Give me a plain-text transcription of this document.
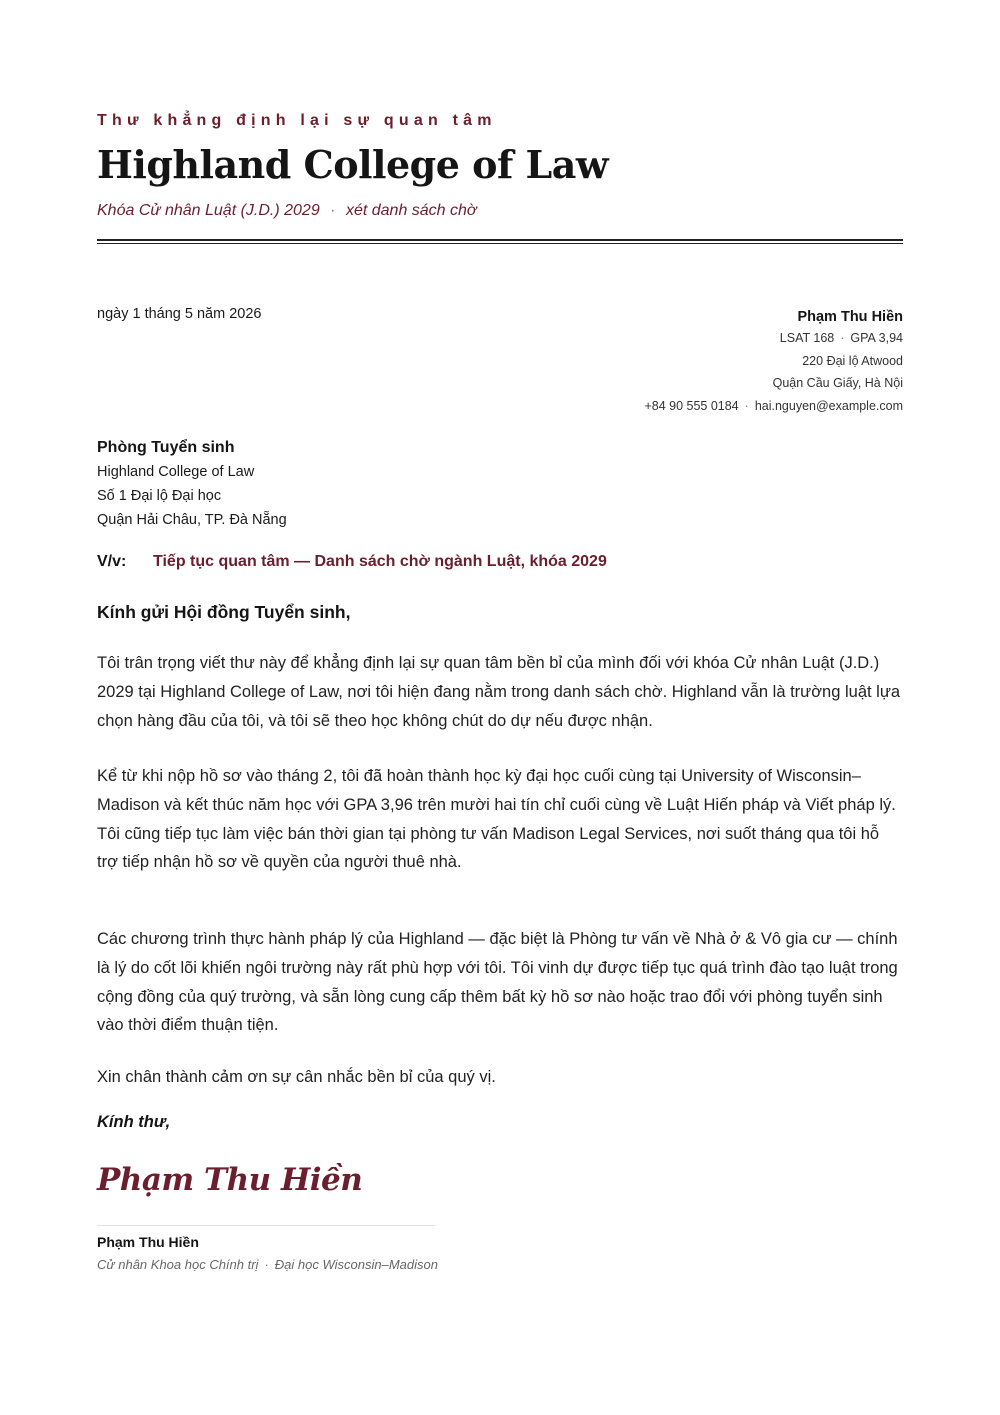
Thư khẳng định lại sự quan tâm
Highland College of Law
Khóa Cử nhân Luật (J.D.) 2029 · xét danh sách chờ
ngày 1 tháng 5 năm 2026	Phạm Thu Hiền
LSAT 168 · GPA 3,94
220 Đại lộ Atwood
Quận Cầu Giấy, Hà Nội
+84 90 555 0184 · hai.nguyen@example.com
Phòng Tuyển sinh
Highland College of Law
Số 1 Đại lộ Đại học
Quận Hải Châu, TP. Đà Nẵng
V/v: Tiếp tục quan tâm — Danh sách chờ ngành Luật, khóa 2029
Kính gửi Hội đồng Tuyển sinh,
Tôi trân trọng viết thư này để khẳng định lại sự quan tâm bền bỉ của mình đối với khóa Cử nhân Luật (J.D.) 2029 tại Highland College of Law, nơi tôi hiện đang nằm trong danh sách chờ. Highland vẫn là trường luật lựa chọn hàng đầu của tôi, và tôi sẽ theo học không chút do dự nếu được nhận.
Kể từ khi nộp hồ sơ vào tháng 2, tôi đã hoàn thành học kỳ đại học cuối cùng tại University of Wisconsin–Madison và kết thúc năm học với GPA 3,96 trên mười hai tín chỉ cuối cùng về Luật Hiến pháp và Viết pháp lý. Tôi cũng tiếp tục làm việc bán thời gian tại phòng tư vấn Madison Legal Services, nơi suốt tháng qua tôi hỗ trợ tiếp nhận hồ sơ về quyền của người thuê nhà.
Các chương trình thực hành pháp lý của Highland — đặc biệt là Phòng tư vấn về Nhà ở & Vô gia cư — chính là lý do cốt lõi khiến ngôi trường này rất phù hợp với tôi. Tôi vinh dự được tiếp tục quá trình đào tạo luật trong cộng đồng của quý trường, và sẵn lòng cung cấp thêm bất kỳ hồ sơ nào hoặc trao đổi với phòng tuyển sinh vào thời điểm thuận tiện.
Xin chân thành cảm ơn sự cân nhắc bền bỉ của quý vị.
Kính thư,
Phạm Thu Hiền
Phạm Thu Hiền
Cử nhân Khoa học Chính trị · Đại học Wisconsin–Madison
